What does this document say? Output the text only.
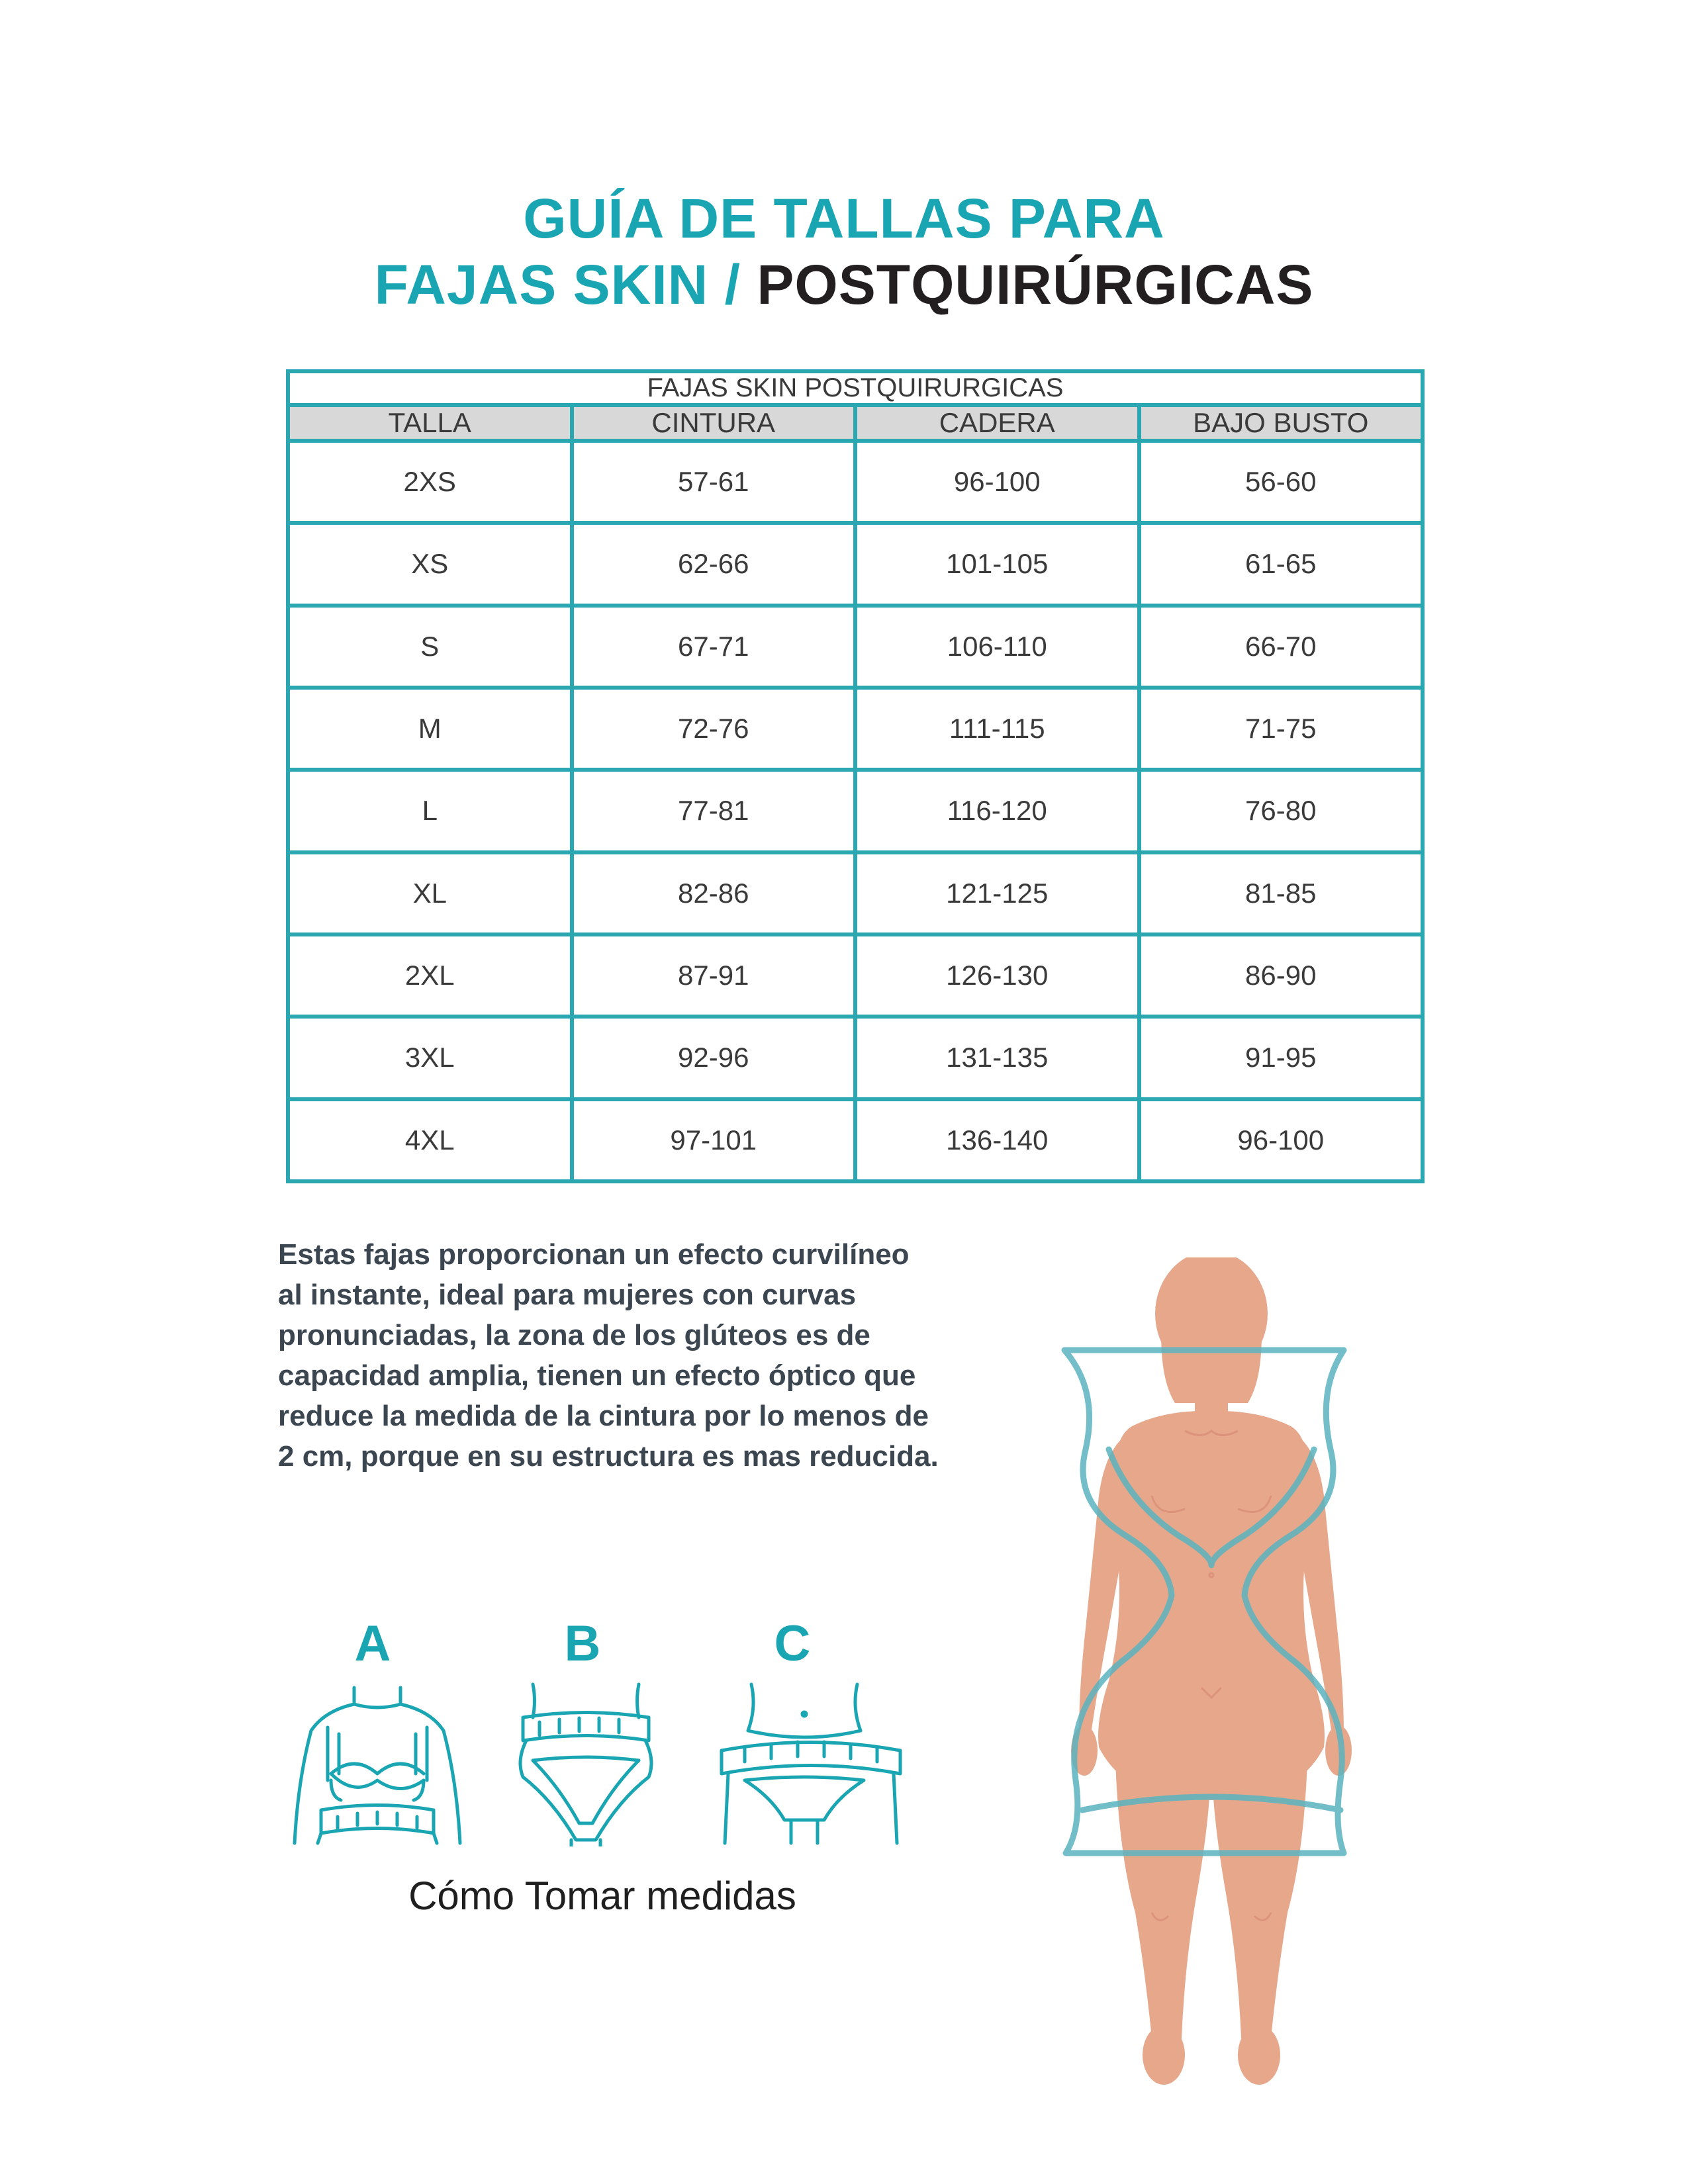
GUÍA DE TALLAS PARA
FAJAS SKIN / POSTQUIRÚRGICAS
FAJAS SKIN POSTQUIRURGICAS			
TALLA	CINTURA	CADERA	BAJO BUSTO
2XS	57-61	96-100	56-60
XS	62-66	101-105	61-65
S	67-71	106-110	66-70
M	72-76	111-115	71-75
L	77-81	116-120	76-80
XL	82-86	121-125	81-85
2XL	87-91	126-130	86-90
3XL	92-96	131-135	91-95
4XL	97-101	136-140	96-100
Estas fajas proporcionan un efecto curvilíneo al instante, ideal para mujeres con curvas pronunciadas, la zona de los glúteos es de capacidad amplia, tienen un efecto óptico que reduce la medida de la cintura por lo menos de 2 cm, porque en su estructura es mas reducida.
A	B	C
Cómo Tomar medidas
